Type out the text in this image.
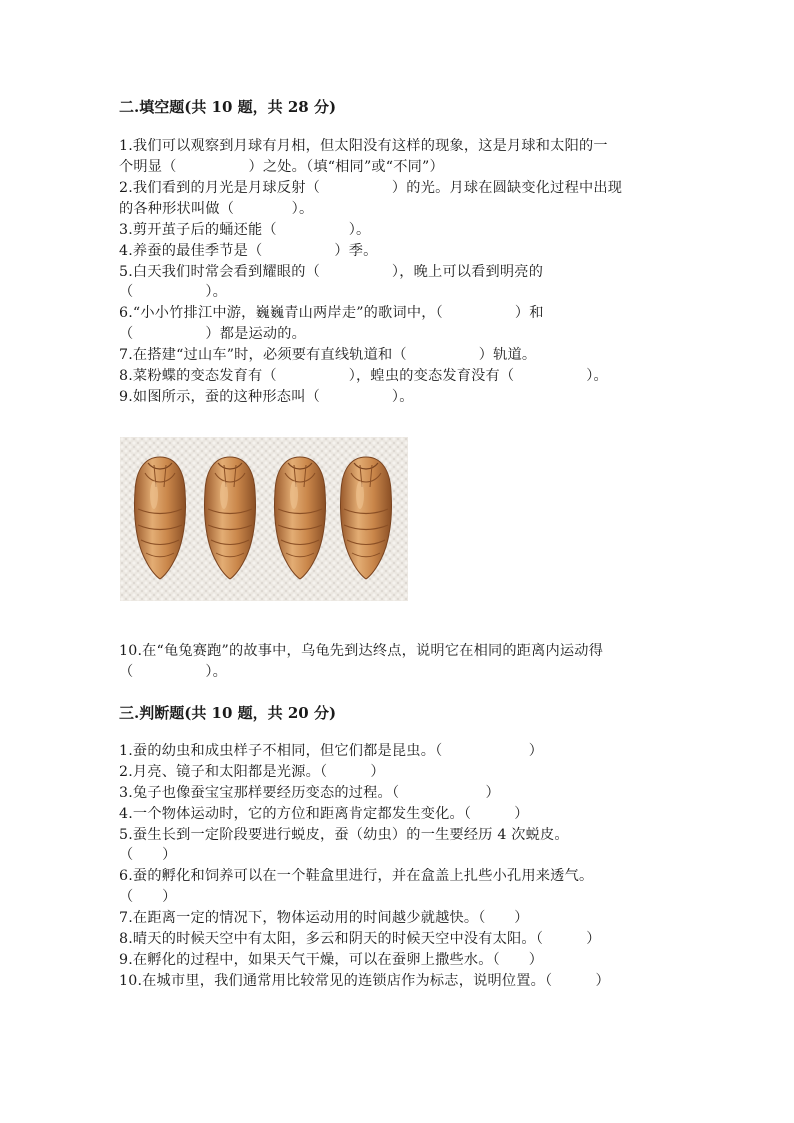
二.填空题(共 10 题，共 28 分)
1.我们可以观察到月球有月相，但太阳没有这样的现象，这是月球和太阳的一
个明显（　　　　　）之处。（填“相同”或“不同”）
2.我们看到的月光是月球反射（　　　　　）的光。月球在圆缺变化过程中出现
的各种形状叫做（　　　　）。
3.剪开茧子后的蛹还能（　　　　　）。
4.养蚕的最佳季节是（　　　　　）季。
5.白天我们时常会看到耀眼的（　　　　　），晚上可以看到明亮的
（　　　　　）。
6.“小小竹排江中游，巍巍青山两岸走”的歌词中，（　　　　　）和
（　　　　　）都是运动的。
7.在搭建“过山车”时，必须要有直线轨道和（　　　　　）轨道。
8.菜粉蝶的变态发育有（　　　　　），蝗虫的变态发育没有（　　　　　）。
9.如图所示，蚕的这种形态叫（　　　　　）。
10.在“龟兔赛跑”的故事中，乌龟先到达终点，说明它在相同的距离内运动得
（　　　　　）。
三.判断题(共 10 题，共 20 分)
1.蚕的幼虫和成虫样子不相同，但它们都是昆虫。（　　　　　　）
2.月亮、镜子和太阳都是光源。（　　　）
3.兔子也像蚕宝宝那样要经历变态的过程。（　　　　　　）
4.一个物体运动时，它的方位和距离肯定都发生变化。（　　　）
5.蚕生长到一定阶段要进行蜕皮，蚕（幼虫）的一生要经历 4 次蜕皮。
（　　）
6.蚕的孵化和饲养可以在一个鞋盒里进行，并在盒盖上扎些小孔用来透气。
（　　）
7.在距离一定的情况下，物体运动用的时间越少就越快。（　　）
8.晴天的时候天空中有太阳，多云和阴天的时候天空中没有太阳。（　　　）
9.在孵化的过程中，如果天气干燥，可以在蚕卵上撒些水。（　　）
10.在城市里，我们通常用比较常见的连锁店作为标志，说明位置。（　　　）
